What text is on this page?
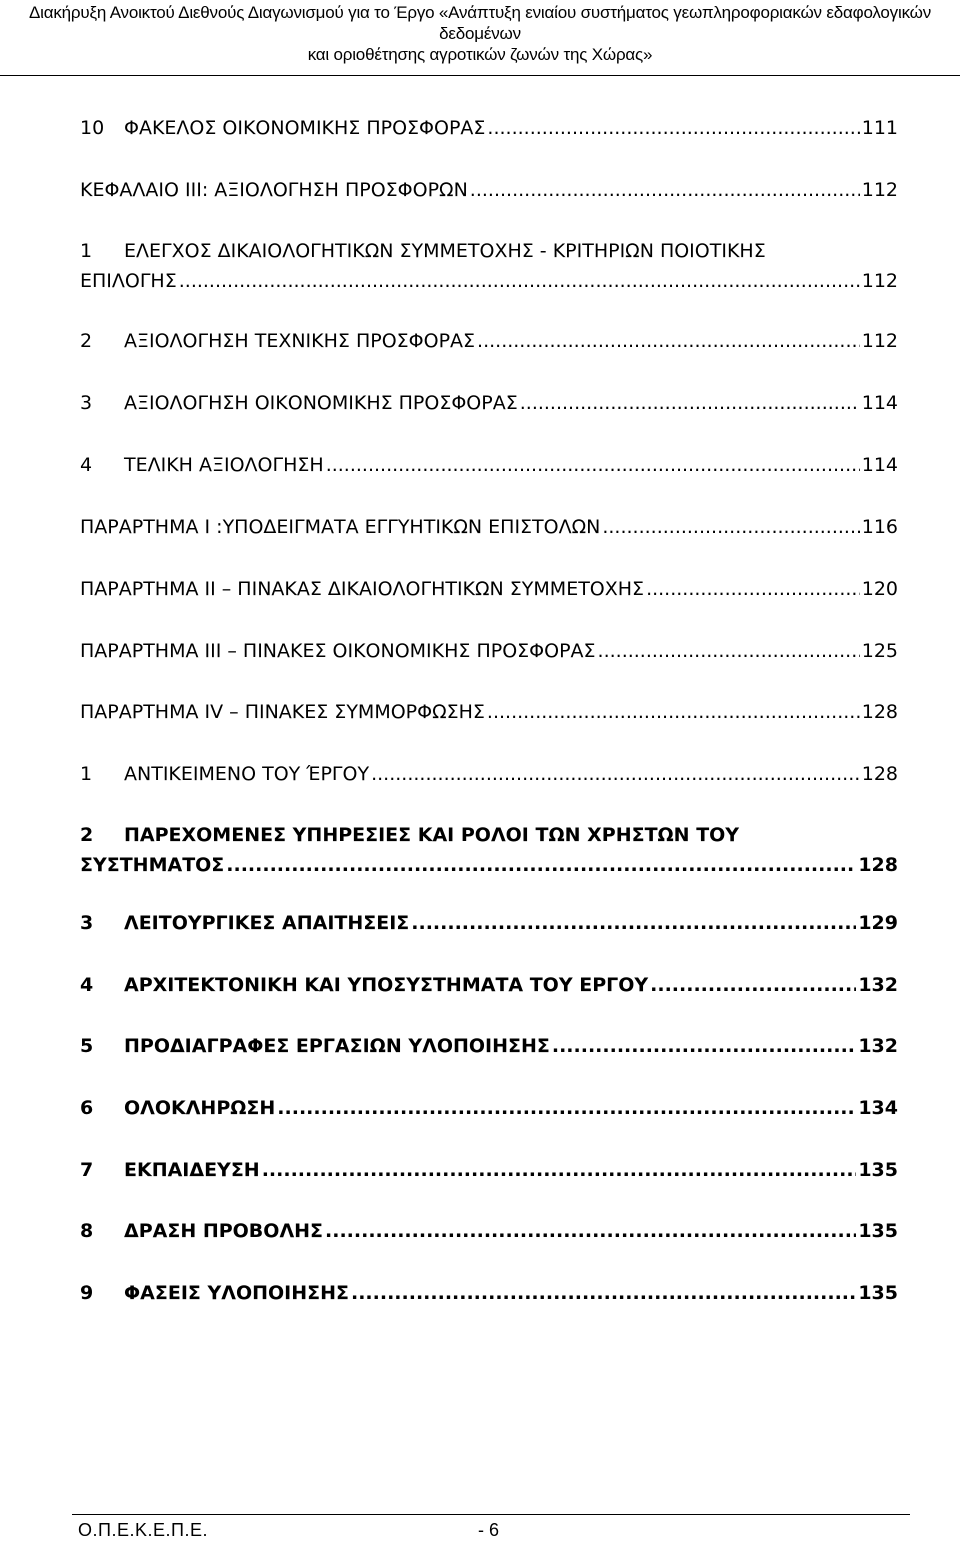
Διακήρυξη Ανοικτού Διεθνούς Διαγωνισμού για το Έργο «Ανάπτυξη ενιαίου συστήματος γεωπληροφοριακών εδαφολογικών δεδομένων
και οριοθέτησης αγροτικών ζωνών της Χώρας»
10	ΦΑΚΕΛΟΣ ΟΙΚΟΝΟΜΙΚΗΣ ΠΡΟΣΦΟΡΑΣ .....	111
ΚΕΦΑΛΑΙΟ ΙΙΙ: ΑΞΙΟΛΟΓΗΣΗ ΠΡΟΣΦΟΡΩΝ .....	112
1	ΕΛΕΓΧΟΣ ΔΙΚΑΙΟΛΟΓΗΤΙΚΩΝ ΣΥΜΜΕΤΟΧΗΣ - ΚΡΙΤΗΡΙΩΝ ΠΟΙΟΤΙΚΗΣ
ΕΠΙΛΟΓΗΣ .....	112
2	ΑΞΙΟΛΟΓΗΣΗ ΤΕΧΝΙΚΗΣ ΠΡΟΣΦΟΡΑΣ .....	112
3	ΑΞΙΟΛΟΓΗΣΗ ΟΙΚΟΝΟΜΙΚΗΣ ΠΡΟΣΦΟΡΑΣ .....	114
4	ΤΕΛΙΚΗ ΑΞΙΟΛΟΓΗΣΗ .....	114
ΠΑΡΑΡΤΗΜΑ Ι :ΥΠΟΔΕΙΓΜΑΤΑ ΕΓΓΥΗΤΙΚΩΝ ΕΠΙΣΤΟΛΩΝ .....	116
ΠΑΡΑΡΤΗΜΑ ΙΙ – ΠΙΝΑΚΑΣ ΔΙΚΑΙΟΛΟΓΗΤΙΚΩΝ ΣΥΜΜΕΤΟΧΗΣ .....	120
ΠΑΡΑΡΤΗΜΑ ΙΙΙ – ΠΙΝΑΚΕΣ ΟΙΚΟΝΟΜΙΚΗΣ ΠΡΟΣΦΟΡΑΣ .....	125
ΠΑΡΑΡΤΗΜΑ IV – ΠΙΝΑΚΕΣ ΣΥΜΜΟΡΦΩΣΗΣ .....	128
1	ΑΝΤΙΚΕΙΜΕΝΟ ΤΟΥ ΈΡΓΟΥ .....	128
2	ΠΑΡΕΧΟΜΕΝΕΣ ΥΠΗΡΕΣΙΕΣ ΚΑΙ ΡΟΛΟΙ ΤΩΝ ΧΡΗΣΤΩΝ ΤΟΥ
ΣΥΣΤΗΜΑΤΟΣ .....	128
3	ΛΕΙΤΟΥΡΓΙΚΕΣ ΑΠΑΙΤΗΣΕΙΣ .....	129
4	ΑΡΧΙΤΕΚΤΟΝΙΚΗ ΚΑΙ ΥΠΟΣΥΣΤΗΜΑΤΑ ΤΟΥ ΕΡΓΟΥ .....	132
5	ΠΡΟΔΙΑΓΡΑΦΕΣ ΕΡΓΑΣΙΩΝ ΥΛΟΠΟΙΗΣΗΣ .....	132
6	ΟΛΟΚΛΗΡΩΣΗ .....	134
7	ΕΚΠΑΙΔΕΥΣΗ .....	135
8	ΔΡΑΣΗ ΠΡΟΒΟΛΗΣ .....	135
9	ΦΑΣΕΙΣ ΥΛΟΠΟΙΗΣΗΣ .....	135
Ο.Π.Ε.Κ.Ε.Π.Ε.	- 6
